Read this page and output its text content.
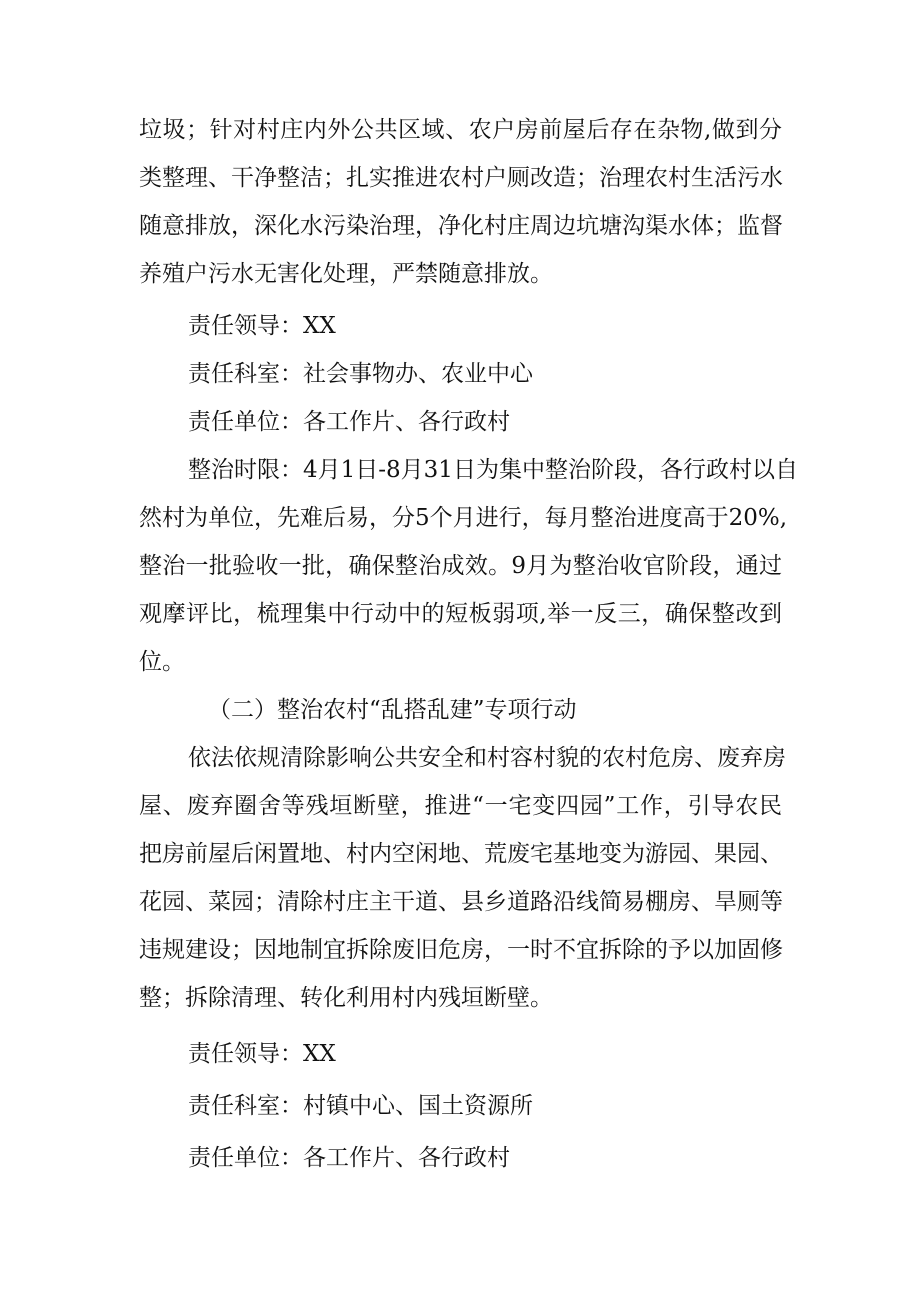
垃圾；针对村庄内外公共区域、农户房前屋后存在杂物,做到分

类整理、干净整洁；扎实推进农村户厕改造；治理农村生活污水

随意排放，深化水污染治理，净化村庄周边坑塘沟渠水体；监督

养殖户污水无害化处理，严禁随意排放。

责任领导：XX

责任科室：社会事物办、农业中心

责任单位：各工作片、各行政村

整治时限：4月1日-8月31日为集中整治阶段，各行政村以自

然村为单位，先难后易，分5个月进行，每月整治进度高于20%,

整治一批验收一批，确保整治成效。9月为整治收官阶段，通过

观摩评比，梳理集中行动中的短板弱项,举一反三，确保整改到

位。

（二）整治农村“乱搭乱建”专项行动

依法依规清除影响公共安全和村容村貌的农村危房、废弃房

屋、废弃圈舍等残垣断壁，推进“一宅变四园”工作，引导农民

把房前屋后闲置地、村内空闲地、荒废宅基地变为游园、果园、

花园、菜园；清除村庄主干道、县乡道路沿线简易棚房、旱厕等

违规建设；因地制宜拆除废旧危房，一时不宜拆除的予以加固修

整；拆除清理、转化利用村内残垣断壁。

责任领导：XX

责任科室：村镇中心、国土资源所

责任单位：各工作片、各行政村
